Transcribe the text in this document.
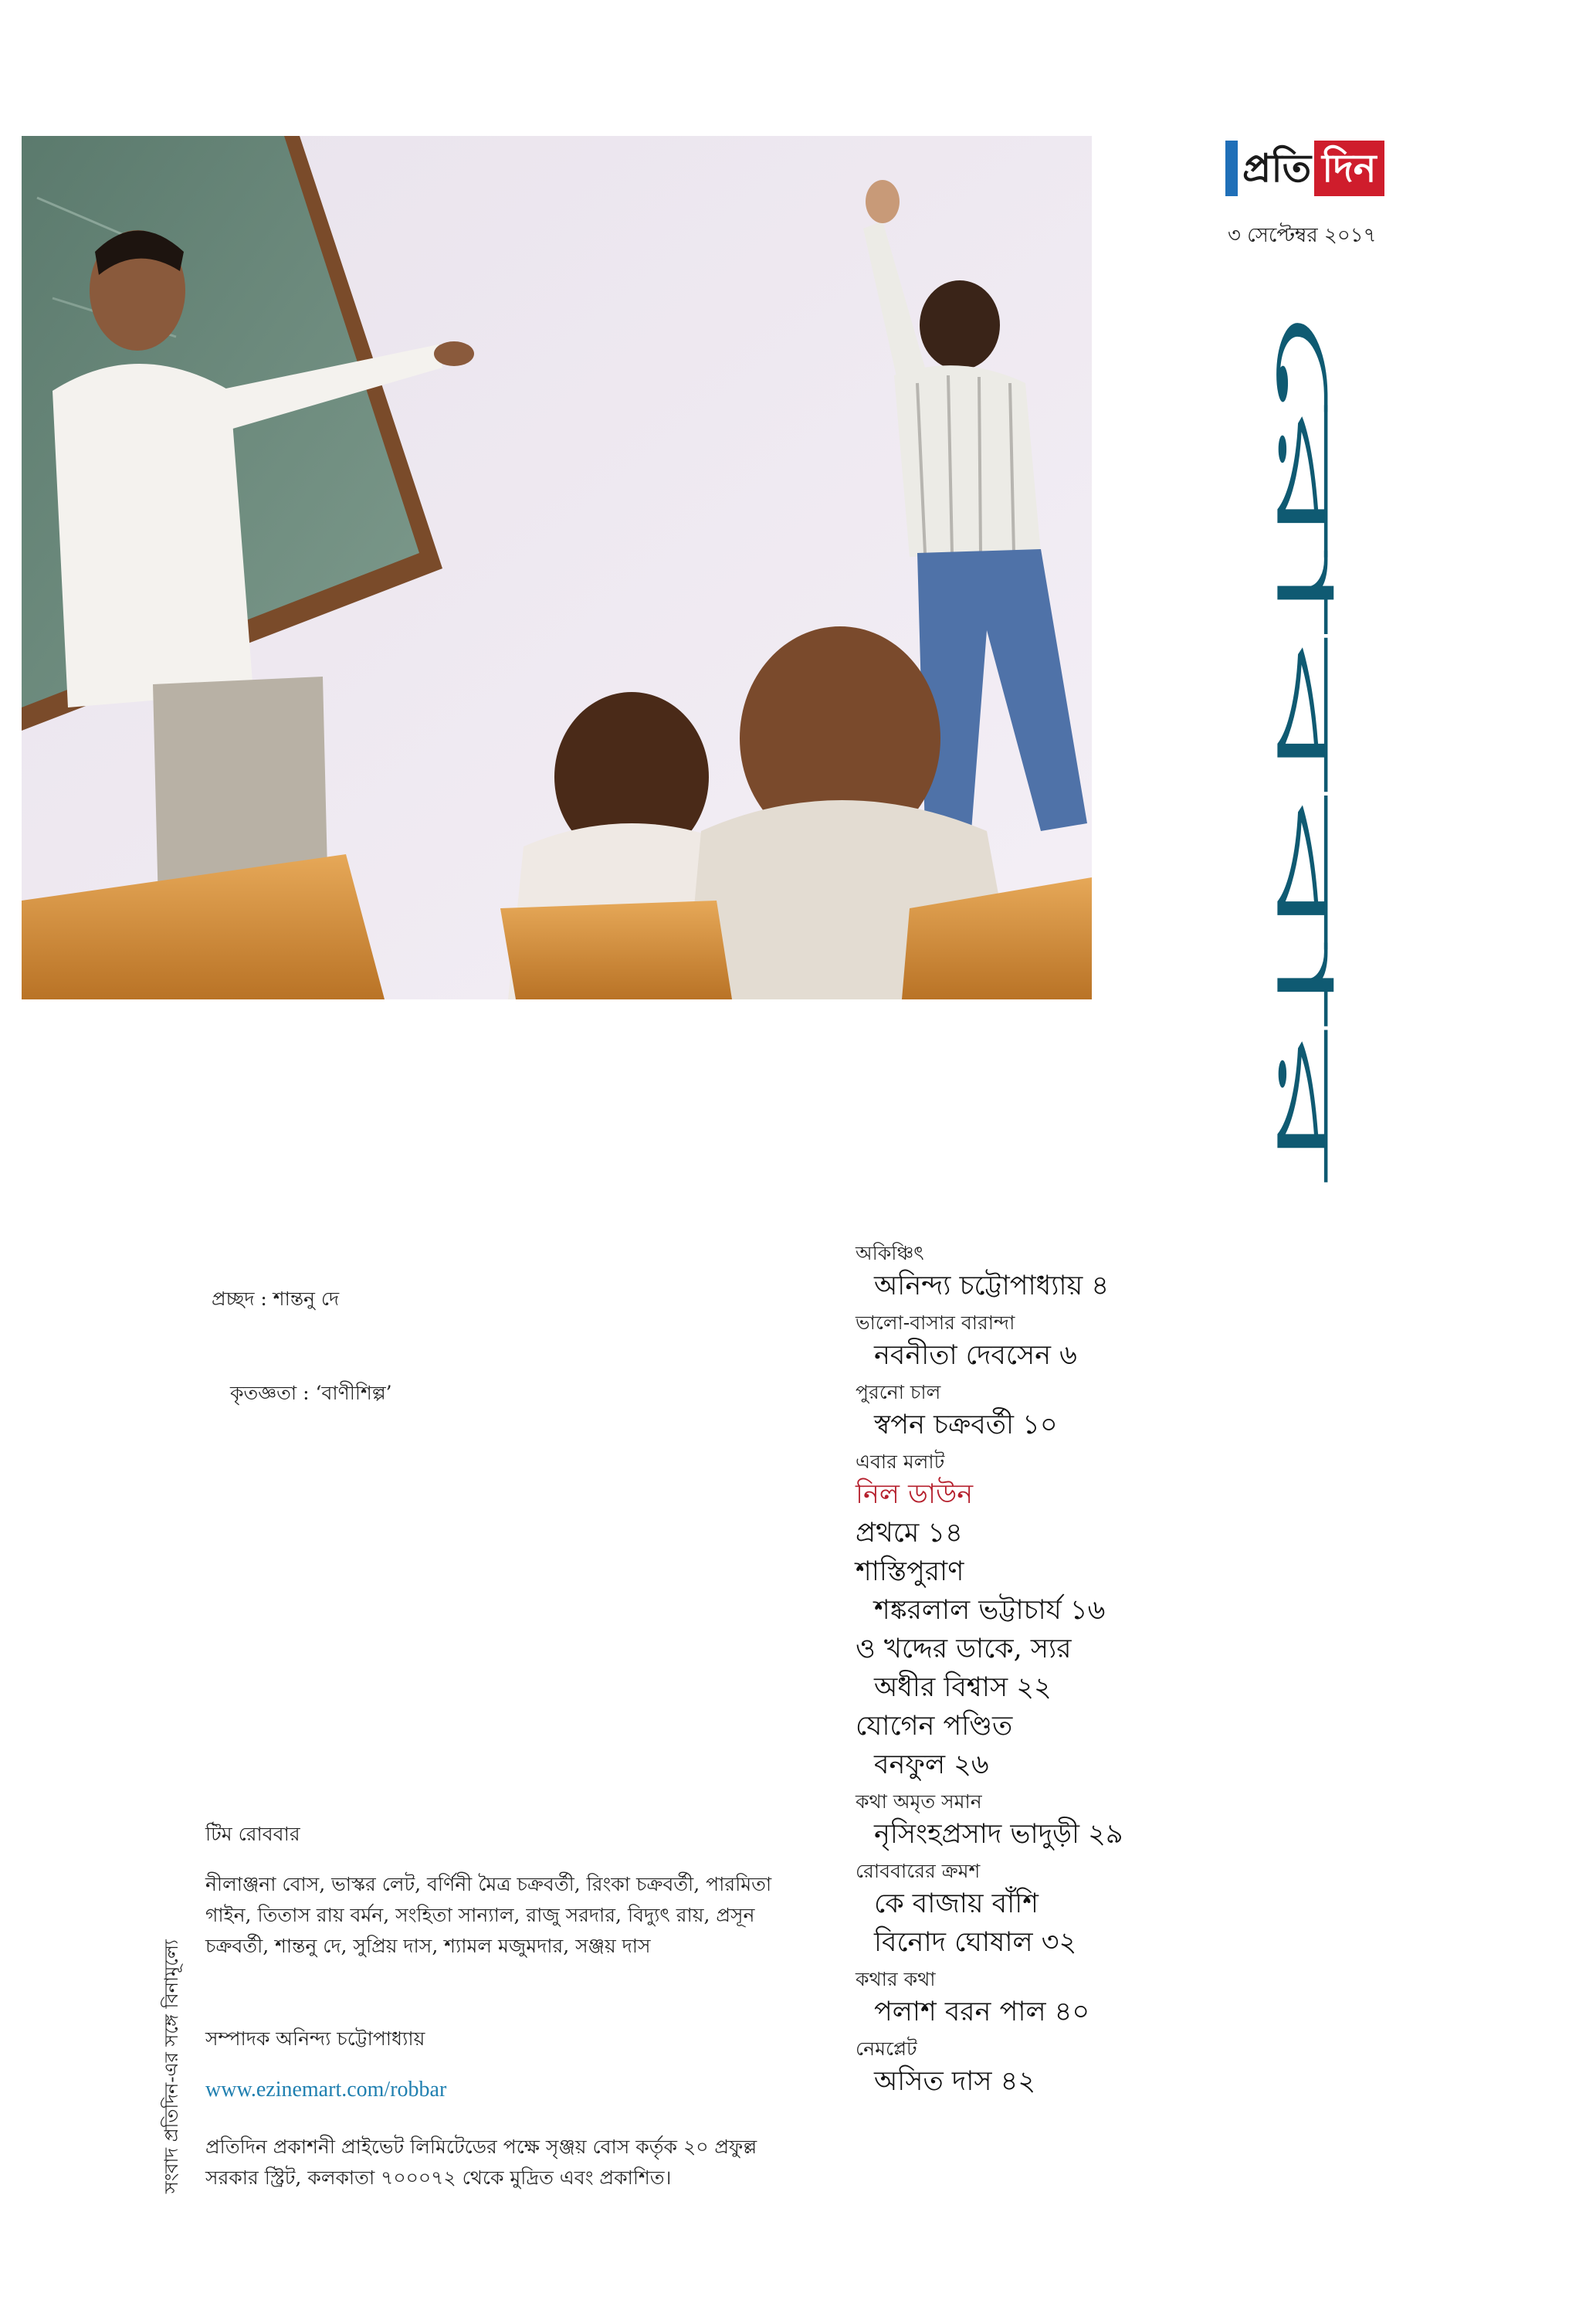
প্রতি দিন
৩ সেপ্টেম্বর ২০১৭
রোববার
প্রচ্ছদ : শান্তনু দে
কৃতজ্ঞতা : ‘বাণীশিল্প’
টিম রোববার
নীলাঞ্জনা বোস, ভাস্কর লেট, বর্ণিনী মৈত্র চক্রবর্তী, রিংকা চক্রবর্তী, পারমিতা গাইন, তিতাস রায় বর্মন, সংহিতা সান্যাল, রাজু সরদার, বিদ্যুৎ রায়, প্রসূন চক্রবর্তী, শান্তনু দে, সুপ্রিয় দাস, শ্যামল মজুমদার, সঞ্জয় দাস
সম্পাদক অনিন্দ্য চট্টোপাধ্যায়
www.ezinemart.com/robbar
প্রতিদিন প্রকাশনী প্রাইভেট লিমিটেডের পক্ষে সৃঞ্জয় বোস কর্তৃক ২০ প্রফুল্ল সরকার স্ট্রিট, কলকাতা ৭০০০৭২ থেকে মুদ্রিত এবং প্রকাশিত।
সংবাদ প্রতিদিন-এর সঙ্গে বিনামূল্যে
অকিঞ্চিৎ
অনিন্দ্য চট্টোপাধ্যায় ৪
ভালো-বাসার বারান্দা
নবনীতা দেবসেন ৬
পুরনো চাল
স্বপন চক্রবর্তী ১০
এবার মলাট
নিল ডাউন
প্রথমে ১৪
শাস্তিপুরাণ
শঙ্করলাল ভট্টাচার্য ১৬
ও খদ্দের ডাকে, স্যর
অধীর বিশ্বাস ২২
যোগেন পণ্ডিত
বনফুল ২৬
কথা অমৃত সমান
নৃসিংহপ্রসাদ ভাদুড়ী ২৯
রোববারের ক্রমশ
কে বাজায় বাঁশি
বিনোদ ঘোষাল ৩২
কথার কথা
পলাশ বরন পাল ৪০
নেমপ্লেট
অসিত দাস ৪২
